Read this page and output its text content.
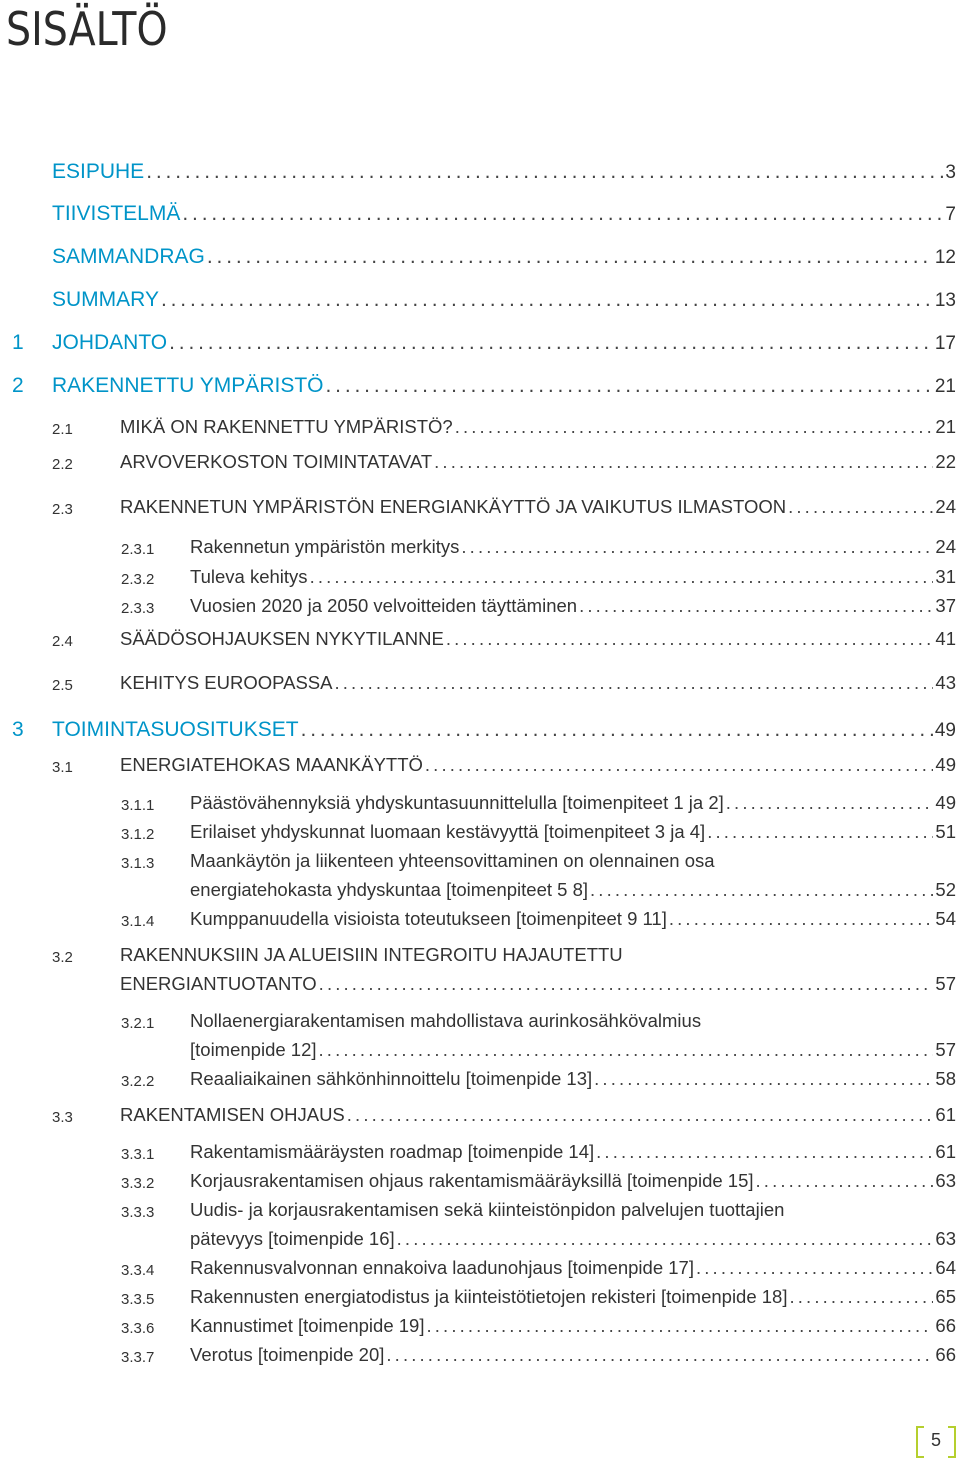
SISÄLTÖ
ESIPUHE . . .	3
TIIVISTELMÄ . . .	7
SAMMANDRAG . . .	12
SUMMARY . . .	13
1	JOHDANTO . . .	17
2	RAKENNETTU YMPÄRISTÖ . . .	21
2.1	MIKÄ ON RAKENNETTU YMPÄRISTÖ? . . .	21
2.2	ARVOVERKOSTON TOIMINTATAVAT . . .	22
2.3	RAKENNETUN YMPÄRISTÖN ENERGIANKÄYTTÖ JA VAIKUTUS ILMASTOON . . .	24
2.3.1	Rakennetun ympäristön merkitys . . .	24
2.3.2	Tuleva kehitys . . .	31
2.3.3	Vuosien 2020 ja 2050 velvoitteiden täyttäminen . . .	37
2.4	SÄÄDÖSOHJAUKSEN NYKYTILANNE . . .	41
2.5	KEHITYS EUROOPASSA . . .	43
3	TOIMINTASUOSITUKSET . . .	49
3.1	ENERGIATEHOKAS MAANKÄYTTÖ . . .	49
3.1.1	Päästövähennyksiä yhdyskuntasuunnittelulla [toimenpiteet 1 ja 2] . . .	49
3.1.2	Erilaiset yhdyskunnat luomaan kestävyyttä [toimenpiteet 3 ja 4] . . .	51
3.1.3	Maankäytön ja liikenteen yhteensovittaminen on olennainen osa
energiatehokasta yhdyskuntaa [toimenpiteet 5 8] . . .	52
3.1.4	Kumppanuudella visioista toteutukseen [toimenpiteet 9 11] . . .	54
3.2	RAKENNUKSIIN JA ALUEISIIN INTEGROITU HAJAUTETTU
ENERGIANTUOTANTO . . .	57
3.2.1	Nollaenergiarakentamisen mahdollistava aurinkosähkövalmius
[toimenpide 12] . . .	57
3.2.2	Reaaliaikainen sähkönhinnoittelu [toimenpide 13] . . .	58
3.3	RAKENTAMISEN OHJAUS . . .	61
3.3.1	Rakentamismääräysten roadmap [toimenpide 14] . . .	61
3.3.2	Korjausrakentamisen ohjaus rakentamismääräyksillä [toimenpide 15] . . .	63
3.3.3	Uudis- ja korjausrakentamisen sekä kiinteistönpidon palvelujen tuottajien
pätevyys [toimenpide 16] . . .	63
3.3.4	Rakennusvalvonnan ennakoiva laadunohjaus [toimenpide 17] . . .	64
3.3.5	Rakennusten energiatodistus ja kiinteistötietojen rekisteri [toimenpide 18] . . .	65
3.3.6	Kannustimet [toimenpide 19] . . .	66
3.3.7	Verotus [toimenpide 20] . . .	66
5
